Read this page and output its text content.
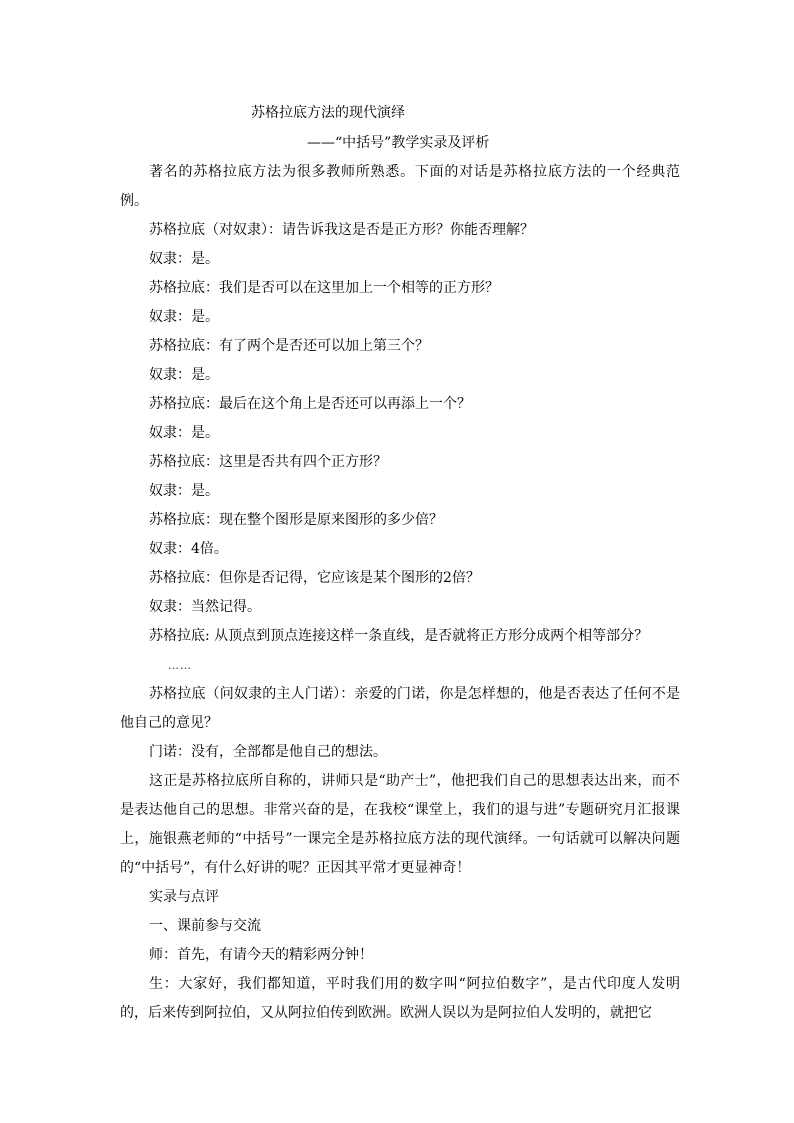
苏格拉底方法的现代演绎
——“中括号”教学实录及评析

著名的苏格拉底方法为很多教师所熟悉。下面的对话是苏格拉底方法的一个经典范例。

苏格拉底（对奴隶）：请告诉我这是否是正方形？你能否理解？

奴隶：是。

苏格拉底：我们是否可以在这里加上一个相等的正方形？

奴隶：是。

苏格拉底：有了两个是否还可以加上第三个？

奴隶：是。

苏格拉底：最后在这个角上是否还可以再添上一个？

奴隶：是。

苏格拉底：这里是否共有四个正方形？

奴隶：是。

苏格拉底：现在整个图形是原来图形的多少倍？

奴隶：4倍。

苏格拉底：但你是否记得，它应该是某个图形的2倍？

奴隶：当然记得。

苏格拉底: 从顶点到顶点连接这样一条直线，是否就将正方形分成两个相等部分？

……

苏格拉底（问奴隶的主人门诺）：亲爱的门诺，你是怎样想的，他是否表达了任何不是他自己的意见？

门诺：没有，全部都是他自己的想法。

这正是苏格拉底所自称的，讲师只是“助产士”，他把我们自己的思想表达出来，而不是表达他自己的思想。非常兴奋的是，在我校“课堂上，我们的退与进”专题研究月汇报课上，施银燕老师的“中括号”一课完全是苏格拉底方法的现代演绎。一句话就可以解决问题的“中括号”，有什么好讲的呢？正因其平常才更显神奇！

实录与点评

一、课前参与交流

师：首先，有请今天的精彩两分钟！

生：大家好，我们都知道，平时我们用的数字叫“阿拉伯数字”，是古代印度人发明的，后来传到阿拉伯，又从阿拉伯传到欧洲。欧洲人误以为是阿拉伯人发明的，就把它
